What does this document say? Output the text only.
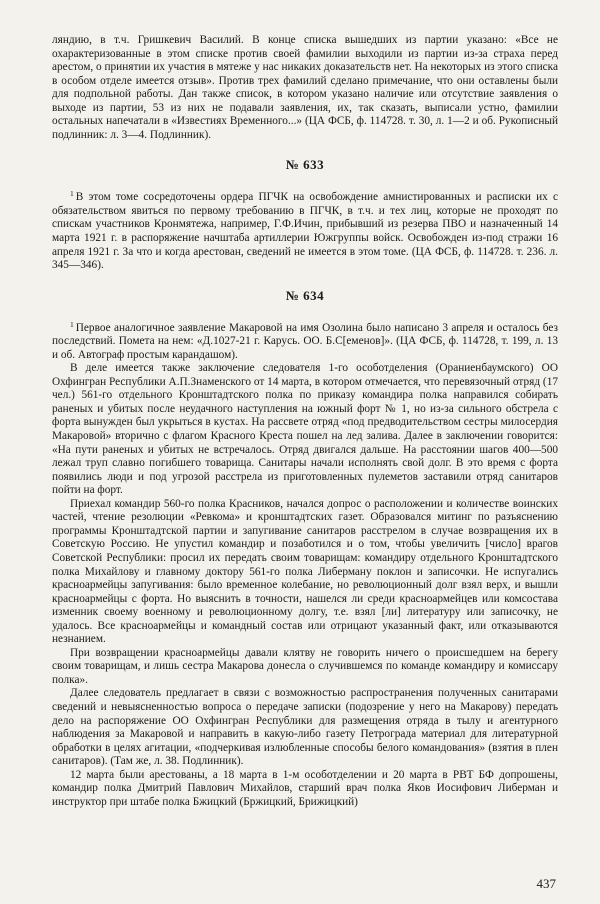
ляндию, в т.ч. Гришкевич Василий. В конце списка вышедших из партии указано: «Все не охарактеризованные в этом списке против своей фамилии выходили из партии из-за страха перед арестом, о принятии их участия в мятеже у нас никаких доказательств нет. На некоторых из этого списка в особом отделе имеется отзыв». Против трех фамилий сделано примечание, что они оставлены были для подпольной работы. Дан также список, в котором указано наличие или отсутствие заявления о выходе из партии, 53 из них не подавали заявления, их, так сказать, выписали устно, фамилии остальных напечатали в «Известиях Временного...» (ЦА ФСБ, ф. 114728. т. 30, л. 1—2 и об. Рукописный подлинник: л. 3—4. Подлинник).

№ 633

$^1$ В этом томе сосредоточены ордера ПГЧК на освобождение амнистированных и расписки их с обязательством явиться по первому требованию в ПГЧК, в т.ч. и тех лиц, которые не проходят по спискам участников Кронмятежа, например, Г.Ф.Ичин, прибывший из резерва ПВО и назначенный 14 марта 1921 г. в распоряжение начштаба артиллерии Южгруппы войск. Освобожден из-под стражи 16 апреля 1921 г. За что и когда арестован, сведений не имеется в этом томе. (ЦА ФСБ, ф. 114728. т. 236. л. 345—346).

№ 634

$^1$ Первое аналогичное заявление Макаровой на имя Озолина было написано 3 апреля и осталось без последствий. Помета на нем: «Д.1027-21 г. Карусь. ОО. Б.С[еменов]». (ЦА ФСБ, ф. 114728, т. 199, л. 13 и об. Автограф простым карандашом).

В деле имеется также заключение следователя 1-го особотделения (Ораниенбаумского) ОО Охфингран Республики А.П.Знаменского от 14 марта, в котором отмечается, что перевязочный отряд (17 чел.) 561-го отдельного Кронштадтского полка по приказу командира полка направился собирать раненых и убитых после неудачного наступления на южный форт № 1, но из-за сильного обстрела с форта вынужден был укрыться в кустах. На рассвете отряд «под предводительством сестры милосердия Макаровой» вторично с флагом Красного Креста пошел на лед залива. Далее в заключении говорится: «На пути раненых и убитых не встречалось. Отряд двигался дальше. На расстоянии шагов 400—500 лежал труп славно погибшего товарища. Санитары начали исполнять свой долг. В это время с форта появились люди и под угрозой расстрела из приготовленных пулеметов заставили отряд санитаров пойти на форт.

Приехал командир 560-го полка Красников, начался допрос о расположении и количестве воинских частей, чтение резолюции «Ревкома» и кронштадтских газет. Образовался митинг по разъяснению программы Кронштадтской партии и запугивание санитаров расстрелом в случае возвращения их в Советскую Россию. Не упустил командир и позаботился и о том, чтобы увеличить [число] врагов Советской Республики: просил их передать своим товарищам: командиру отдельного Кронштадтского полка Михайлову и главному доктору 561-го полка Либерману поклон и записочки. Не испугались красноармейцы запугивания: было временное колебание, но революционный долг взял верх, и вышли красноармейцы с форта. Но выяснить в точности, нашелся ли среди красноармейцев или комсостава изменник своему военному и революционному долгу, т.е. взял [ли] литературу или записочку, не удалось. Все красноармейцы и командный состав или отрицают указанный факт, или отказываются незнанием.

При возвращении красноармейцы давали клятву не говорить ничего о происшедшем на берегу своим товарищам, и лишь сестра Макарова донесла о случившемся по команде командиру и комиссару полка».

Далее следователь предлагает в связи с возможностью распространения полученных санитарами сведений и невыясненностью вопроса о передаче записки (подозрение у него на Макарову) передать дело на распоряжение ОО Охфингран Республики для размещения отряда в тылу и агентурного наблюдения за Макаровой и направить в какую-либо газету Петрограда материал для литературной обработки в целях агитации, «подчеркивая излюбленные способы белого командования» (взятия в плен санитаров). (Там же, л. 38. Подлинник).

12 марта были арестованы, а 18 марта в 1-м особотделении и 20 марта в РВТ БФ допрошены, командир полка Дмитрий Павлович Михайлов, старший врач полка Яков Иосифович Либерман и инструктор при штабе полка Бжицкий (Бржицкий, Брижицкий)

437
